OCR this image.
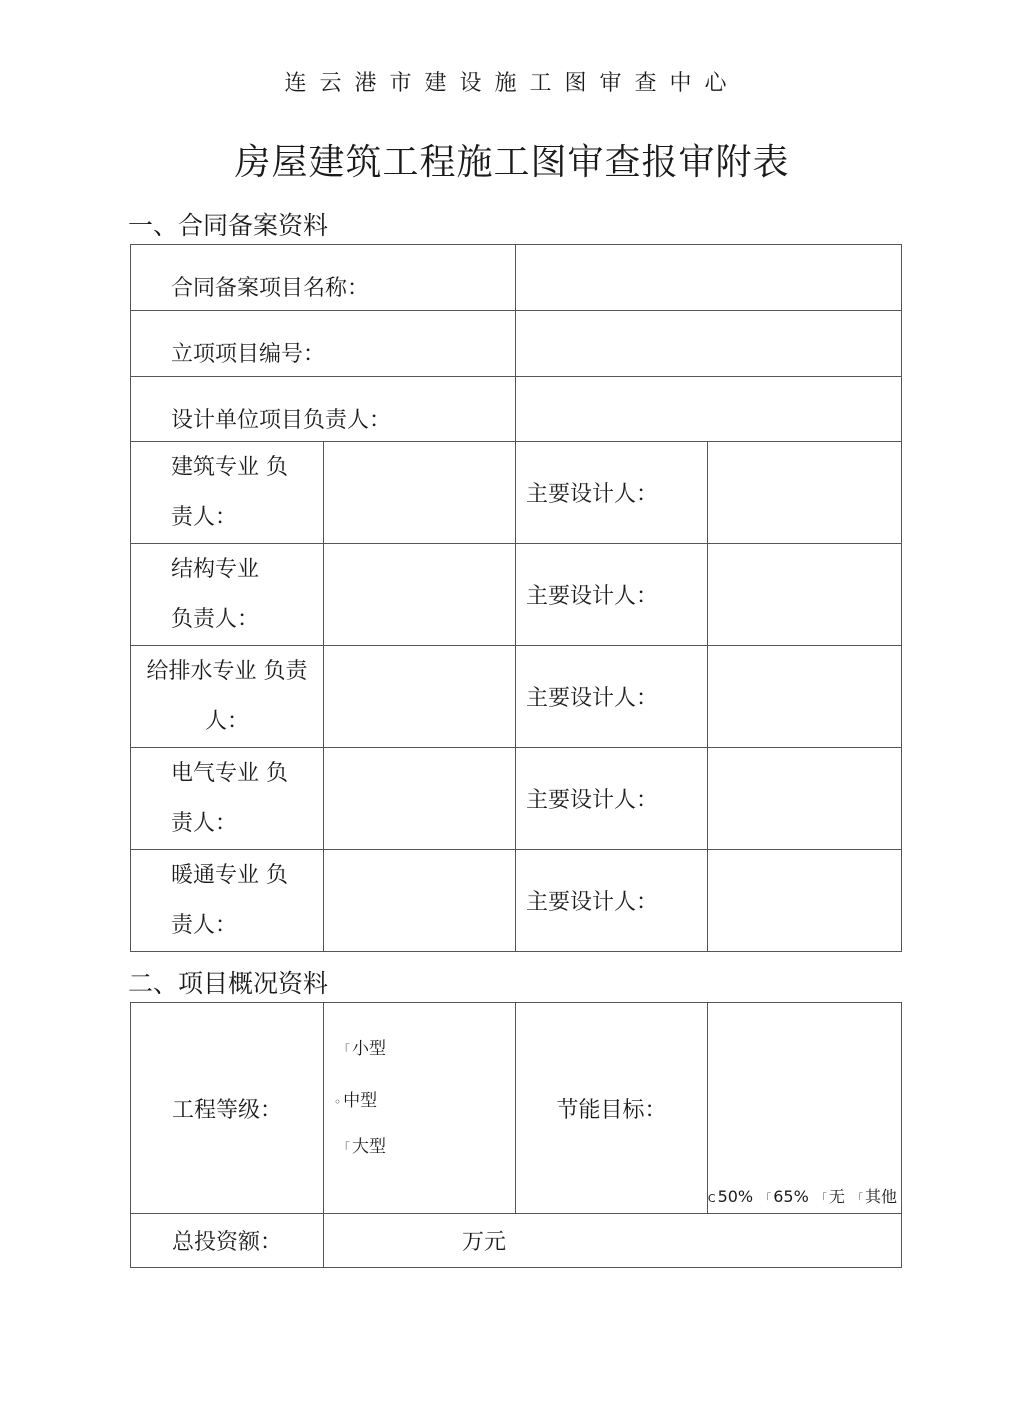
连云港市建设施工图审查中心
房屋建筑工程施工图审查报审附表
一、合同备案资料
合同备案项目名称：			

立项项目编号：			

设计单位项目负责人：			

建筑专业 负
责人：		主要设计人：	

结构专业
负责人：		主要设计人：	

给排水专业 负责
人：		主要设计人：	

电气专业 负
责人：		主要设计人：	

暖通专业 负
责人：		主要设计人：	
二、项目概况资料
工程等级：	「 小型
◦ 中型
「 大型	节能目标：	C 50% 「 65% 「 无 「 其他

总投资额：	万元		
